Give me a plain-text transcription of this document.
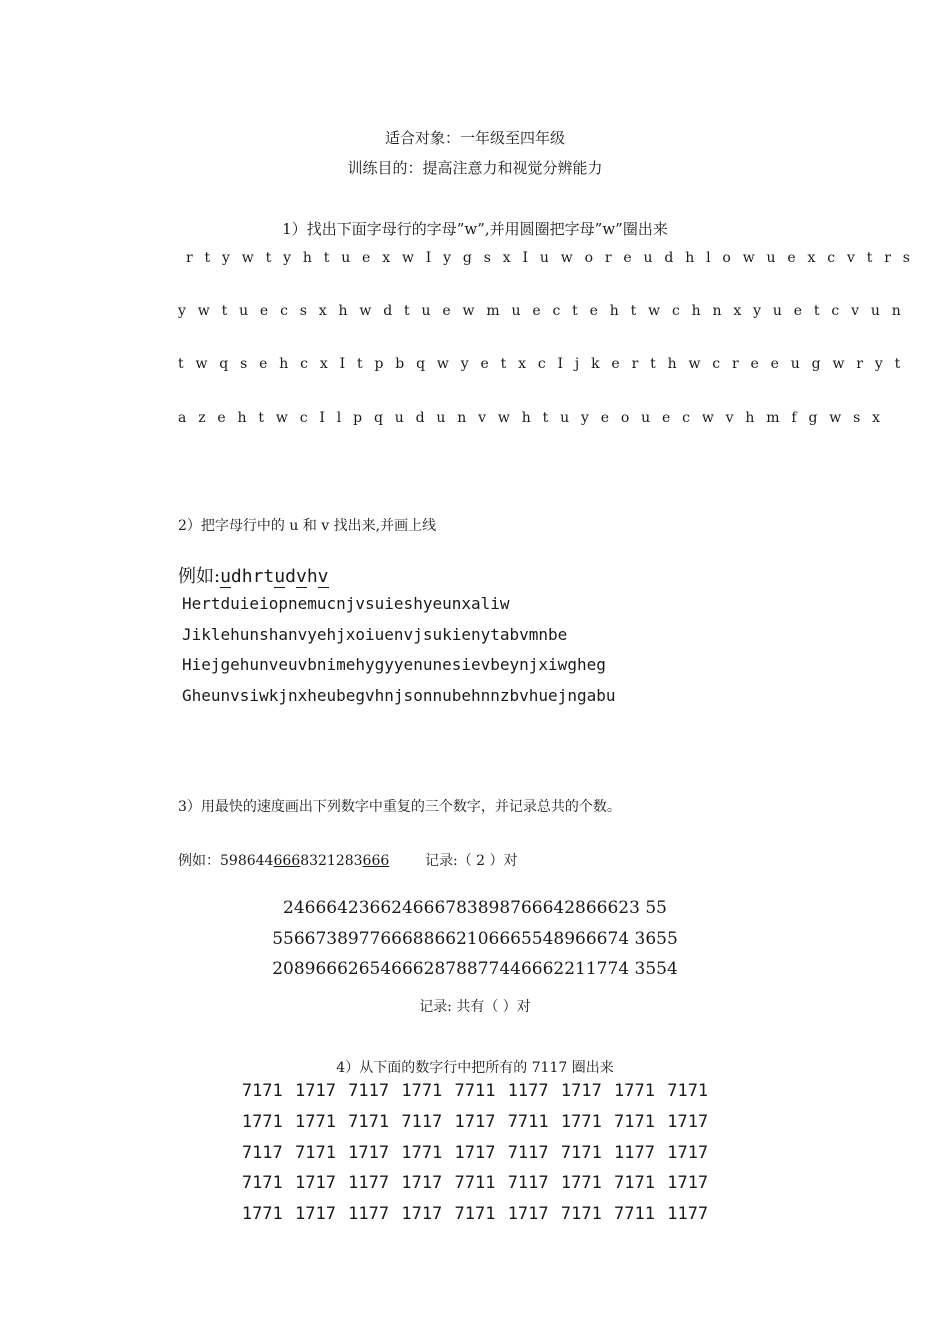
适合对象：一年级至四年级
训练目的：提高注意力和视觉分辨能力
1）找出下面字母行的字母”w”,并用圆圈把字母”w”圈出来
r t y w t y h t u e x w I y g s x I u w o r e u d h l o w u e x c v t r s
y w t u e c s x h w d t u e w m u e c t e h t w c h n x y u e t c v u n
t w q s e h c x I t p b q w y e t x c I j k e r t h w c r e e u g w r y t
a z e h t w c I l p q u d u n v w h t u y e o u e c w v h m f g w s x
2）把字母行中的 u 和 v 找出来,并画上线
例如:udhrtudvhv
Hertduieiopnemucnjvsuieshyeunxaliw
Jiklehunshanvyehjxoiuenvjsukienytabvmnbe
Hiejgehunveuvbnimehygyyenunesievbeynjxiwgheg
Gheunvsiwkjnxheubegvhnjsonnubehnnzbvhuejngabu
3）用最快的速度画出下列数字中重复的三个数字，并记录总共的个数。
例如：5986446668321283666	记录:（ 2 ）对
246664236624666783898766642866623 55
556673897766688662106665548966674 3655
208966626546662878877446662211774 3554
记录: 共有（ ）对
4）从下面的数字行中把所有的 7117 圈出来
7171 1717 7117 1771 7711 1177 1717 1771 7171
1771 1771 7171 7117 1717 7711 1771 7171 1717
7117 7171 1717 1771 1717 7117 7171 1177 1717
7171 1717 1177 1717 7711 7117 1771 7171 1717
1771 1717 1177 1717 7171 1717 7171 7711 1177
